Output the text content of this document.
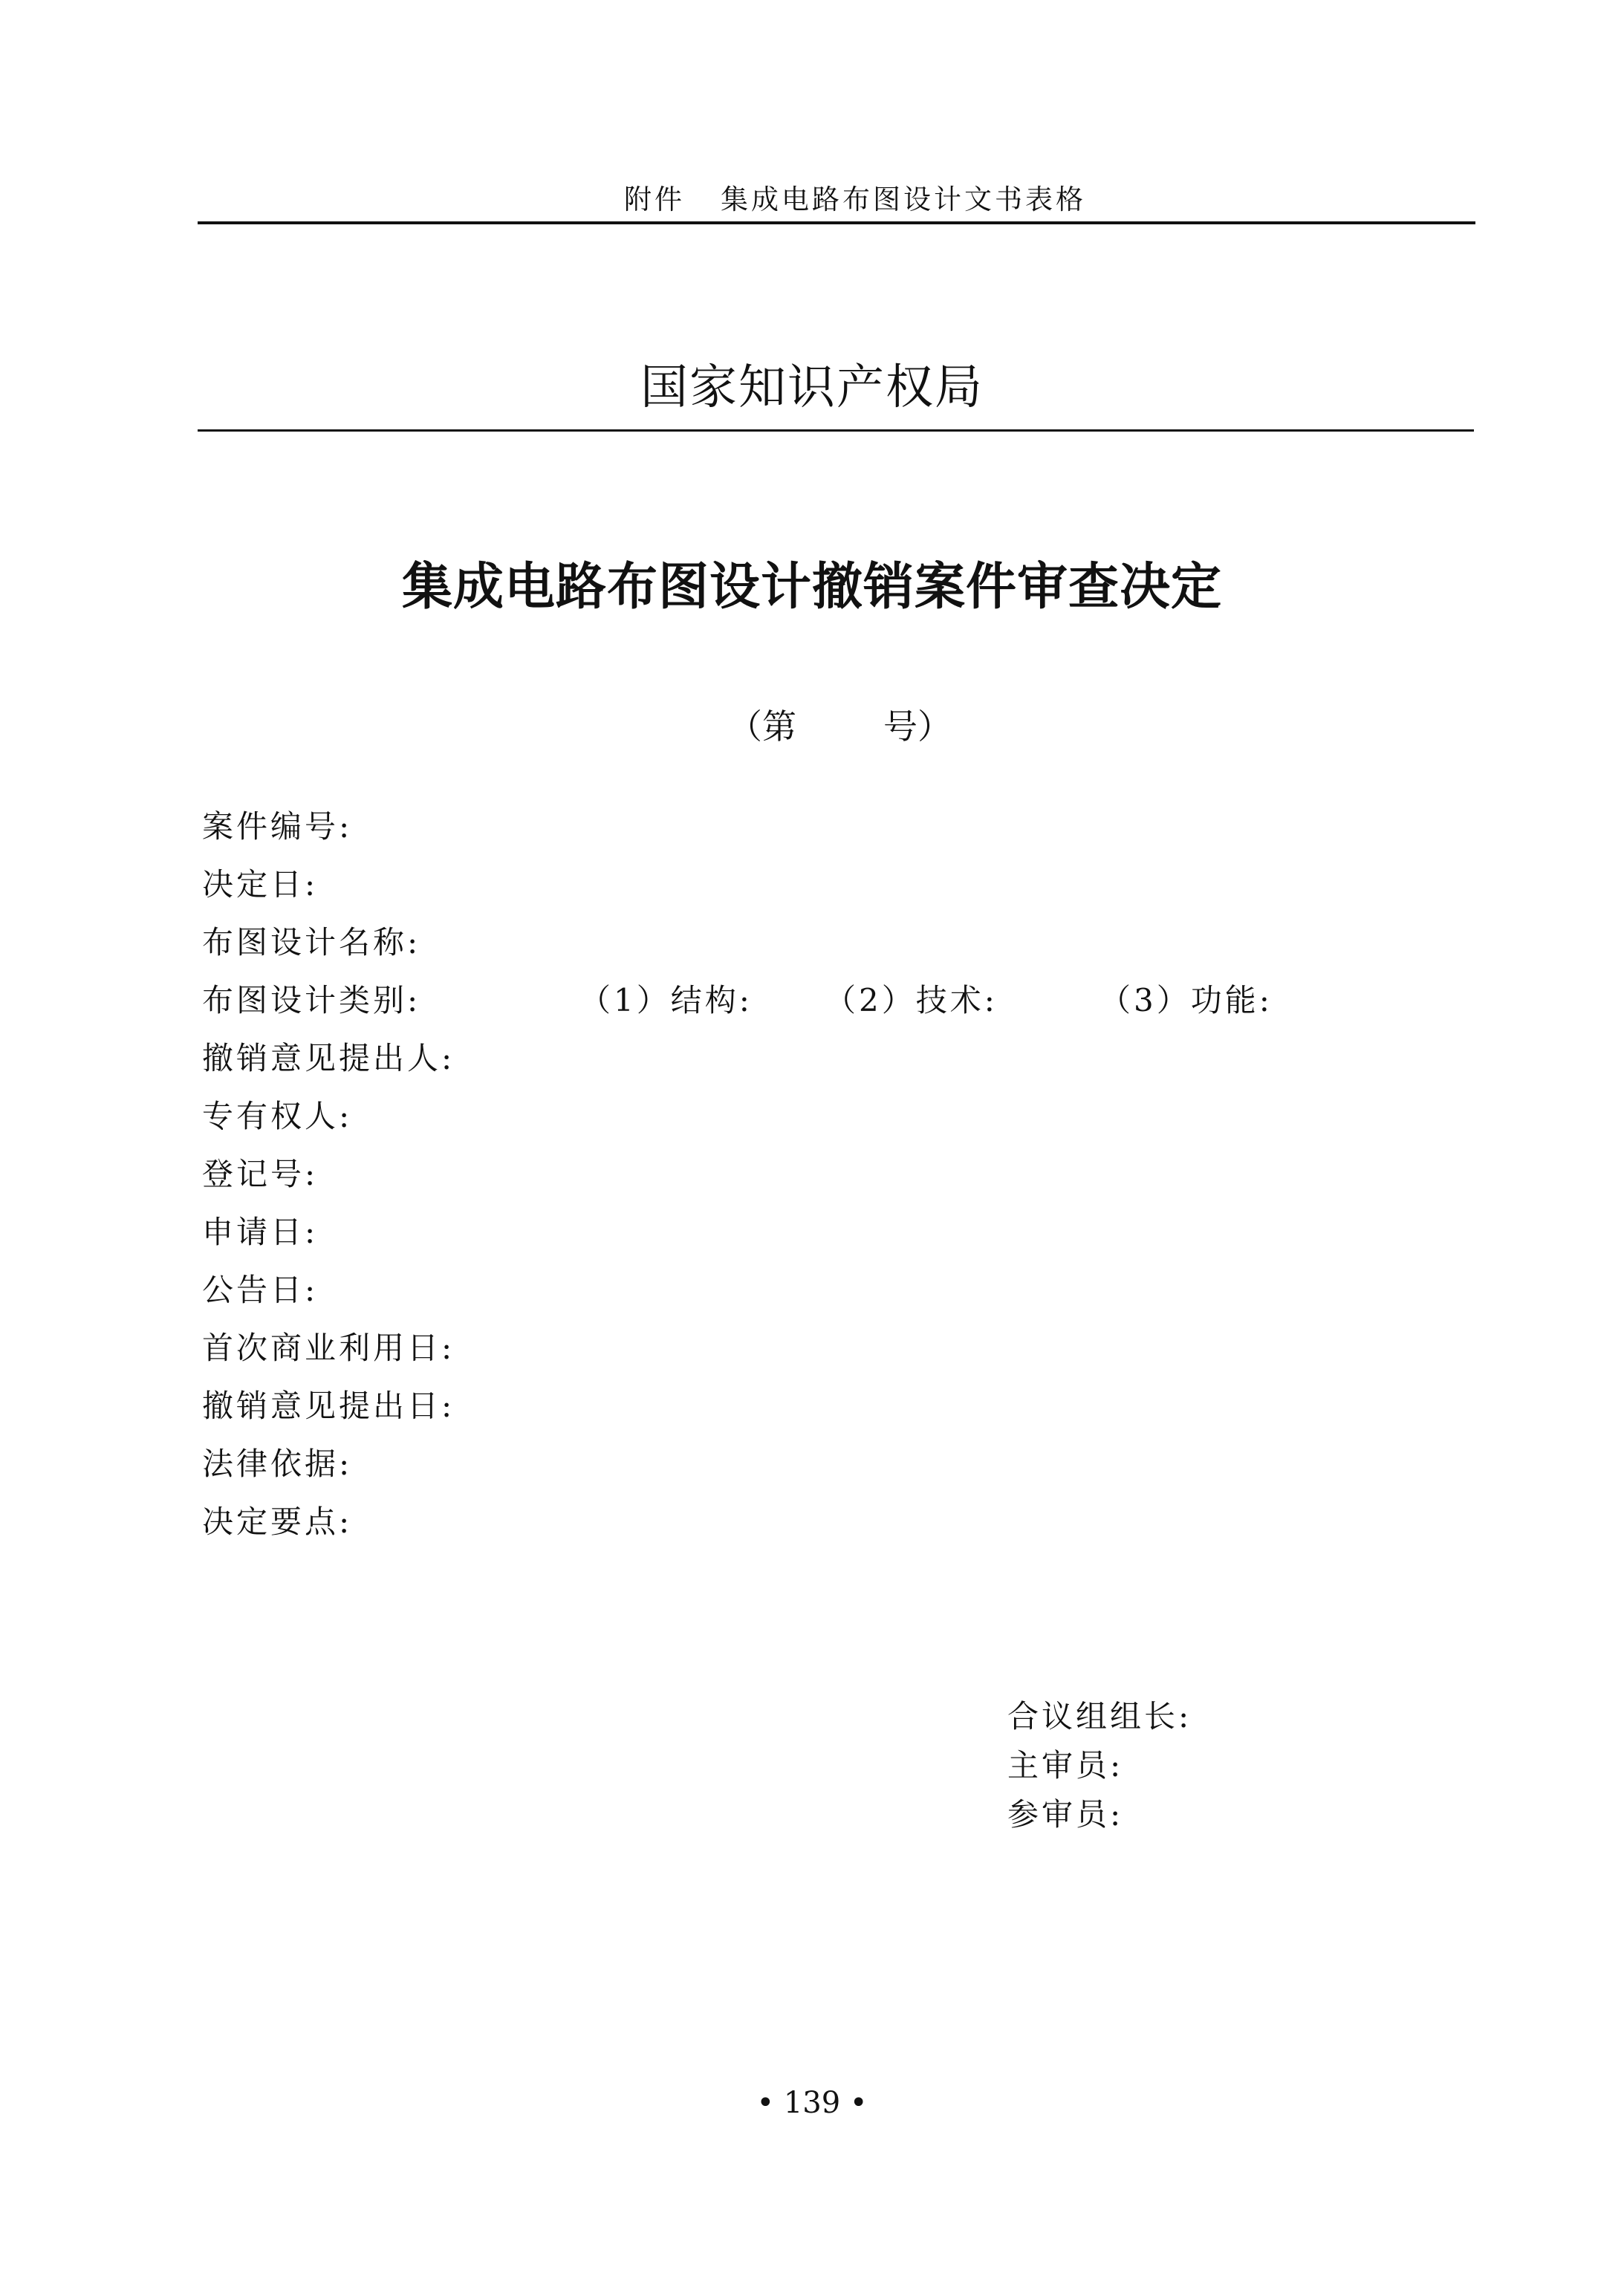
附件 集成电路布图设计文书表格
国家知识产权局
集成电路布图设计撤销案件审查决定
（第        号）
案件编号:
决定日:
布图设计名称:
布图设计类别:
撤销意见提出人:
专有权人:
登记号:
申请日:
公告日:
首次商业利用日:
撤销意见提出日:
法律依据:
决定要点:
（1）结构: （2）技术:	（3）功能:
合议组组长:
主审员:
参审员:
• 139 •
